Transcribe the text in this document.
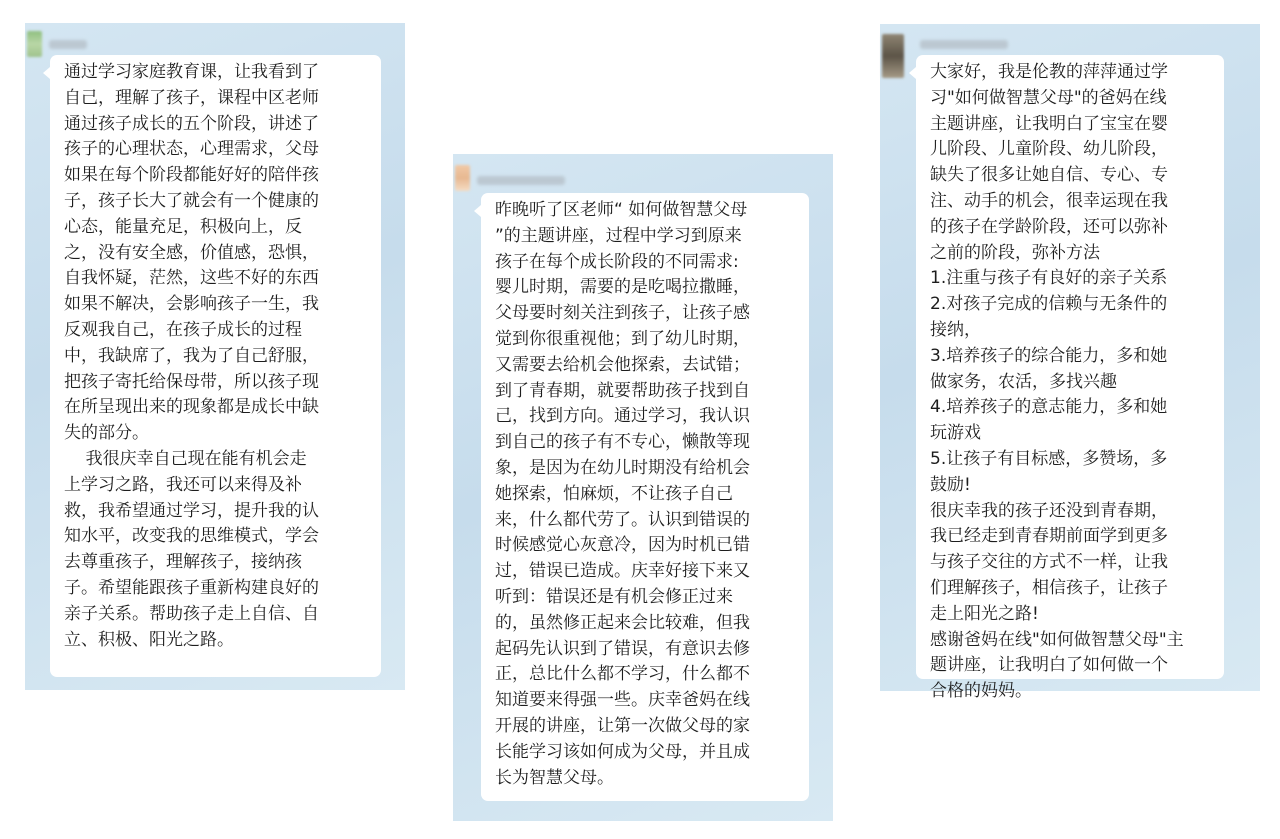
通过学习家庭教育课，让我看到了
自己，理解了孩子，课程中区老师
通过孩子成长的五个阶段，讲述了
孩子的心理状态，心理需求，父母
如果在每个阶段都能好好的陪伴孩
子，孩子长大了就会有一个健康的
心态，能量充足，积极向上，反
之，没有安全感，价值感，恐惧，
自我怀疑，茫然，这些不好的东西
如果不解决，会影响孩子一生，我
反观我自己，在孩子成长的过程
中，我缺席了，我为了自己舒服，
把孩子寄托给保母带，所以孩子现
在所呈现出来的现象都是成长中缺
失的部分。
我很庆幸自己现在能有机会走
上学习之路，我还可以来得及补
救，我希望通过学习，提升我的认
知水平，改变我的思维模式，学会
去尊重孩子，理解孩子，接纳孩
子。希望能跟孩子重新构建良好的
亲子关系。帮助孩子走上自信、自
立、积极、阳光之路。
昨晚听了区老师“ 如何做智慧父母
”的主题讲座，过程中学习到原来
孩子在每个成长阶段的不同需求:
婴儿时期，需要的是吃喝拉撒睡，
父母要时刻关注到孩子，让孩子感
觉到你很重视他；到了幼儿时期，
又需要去给机会他探索，去试错；
到了青春期，就要帮助孩子找到自
己，找到方向。通过学习，我认识
到自己的孩子有不专心，懒散等现
象，是因为在幼儿时期没有给机会
她探索，怕麻烦，不让孩子自己
来，什么都代劳了。认识到错误的
时候感觉心灰意冷，因为时机已错
过，错误已造成。庆幸好接下来又
听到：错误还是有机会修正过来
的，虽然修正起来会比较难，但我
起码先认识到了错误，有意识去修
正，总比什么都不学习，什么都不
知道要来得强一些。庆幸爸妈在线
开展的讲座，让第一次做父母的家
长能学习该如何成为父母，并且成
长为智慧父母。
大家好，我是伦教的萍萍通过学
习"如何做智慧父母"的爸妈在线
主题讲座，让我明白了宝宝在婴
儿阶段、儿童阶段、幼儿阶段，
缺失了很多让她自信、专心、专
注、动手的机会，很幸运现在我
的孩子在学龄阶段，还可以弥补
之前的阶段，弥补方法
1.注重与孩子有良好的亲子关系
2.对孩子完成的信赖与无条件的
接纳，
3.培养孩子的综合能力，多和她
做家务，农活，多找兴趣
4.培养孩子的意志能力，多和她
玩游戏
5.让孩子有目标感，多赞场，多
鼓励!
很庆幸我的孩子还没到青春期，
我已经走到青春期前面学到更多
与孩子交往的方式不一样，让我
们理解孩子，相信孩子，让孩子
走上阳光之路!
感谢爸妈在线"如何做智慧父母"主
题讲座，让我明白了如何做一个
合格的妈妈。
